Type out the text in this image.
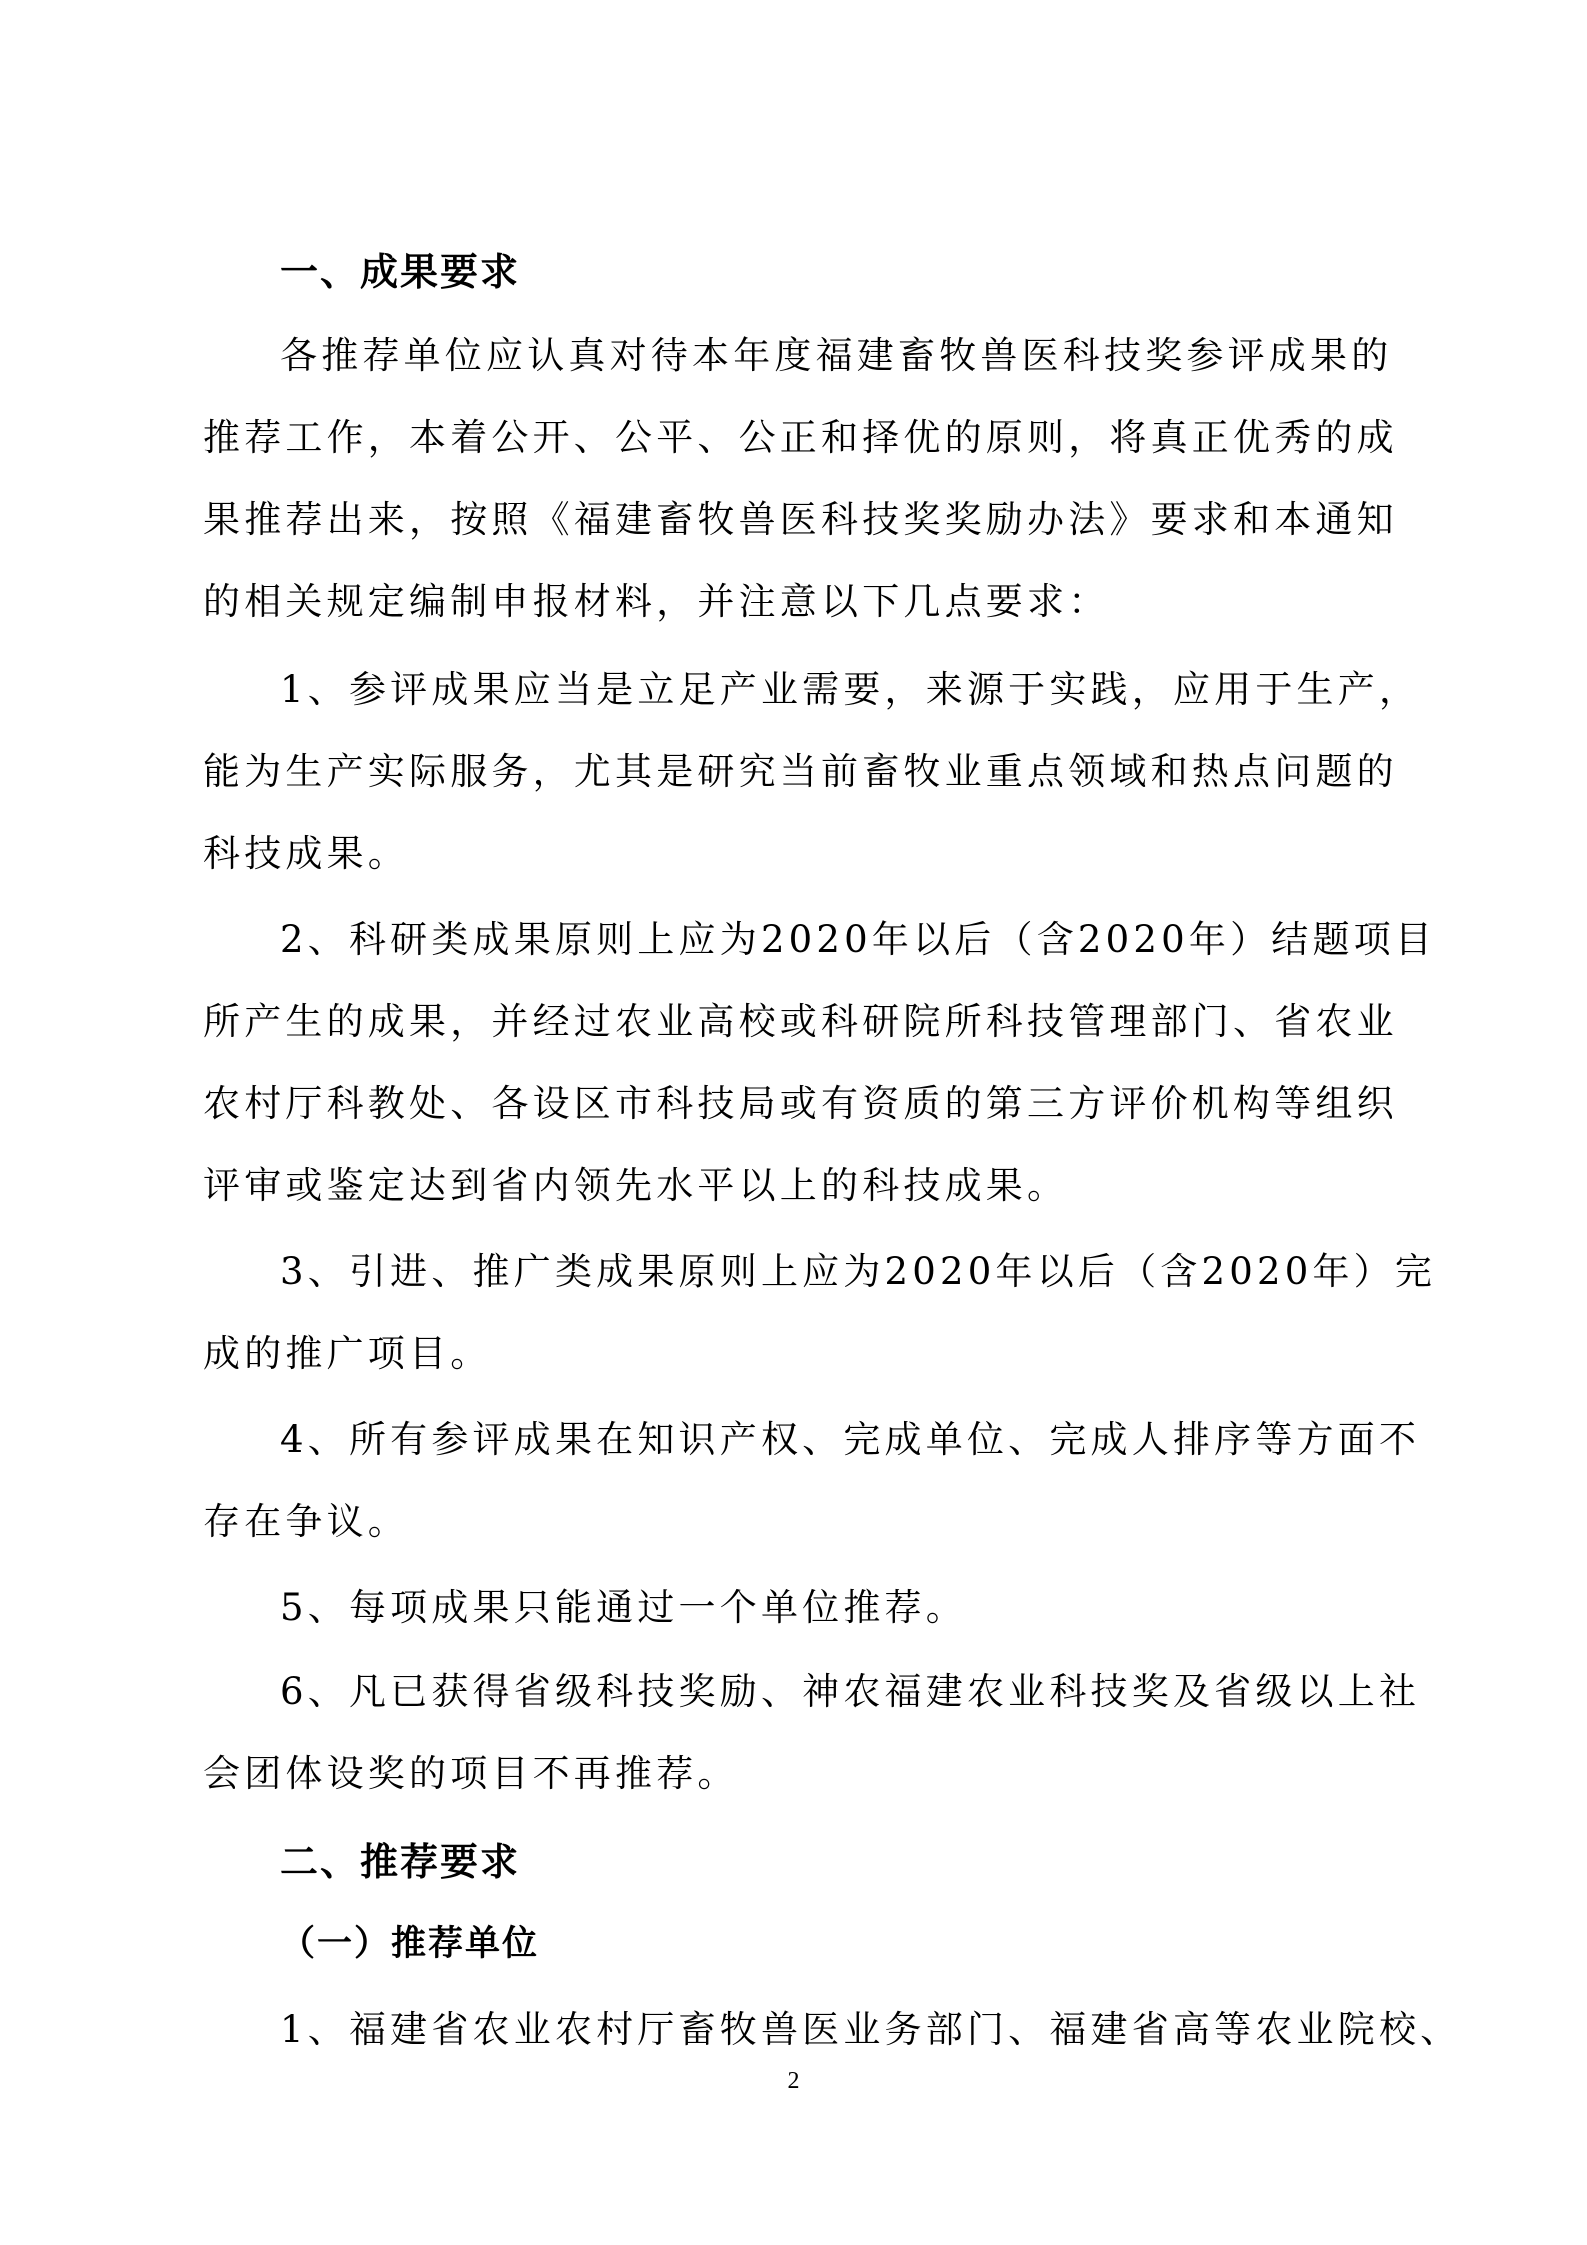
一、成果要求
各推荐单位应认真对待本年度福建畜牧兽医科技奖参评成果的
推荐工作，本着公开、公平、公正和择优的原则，将真正优秀的成
果推荐出来，按照《福建畜牧兽医科技奖奖励办法》要求和本通知
的相关规定编制申报材料，并注意以下几点要求：
1、参评成果应当是立足产业需要，来源于实践，应用于生产，
能为生产实际服务，尤其是研究当前畜牧业重点领域和热点问题的
科技成果。
2、科研类成果原则上应为2020年以后（含2020年）结题项目
所产生的成果，并经过农业高校或科研院所科技管理部门、省农业
农村厅科教处、各设区市科技局或有资质的第三方评价机构等组织
评审或鉴定达到省内领先水平以上的科技成果。
3、引进、推广类成果原则上应为2020年以后（含2020年）完
成的推广项目。
4、所有参评成果在知识产权、完成单位、完成人排序等方面不
存在争议。
5、每项成果只能通过一个单位推荐。
6、凡已获得省级科技奖励、神农福建农业科技奖及省级以上社
会团体设奖的项目不再推荐。
二、推荐要求
（一）推荐单位
1、福建省农业农村厅畜牧兽医业务部门、福建省高等农业院校、
2
